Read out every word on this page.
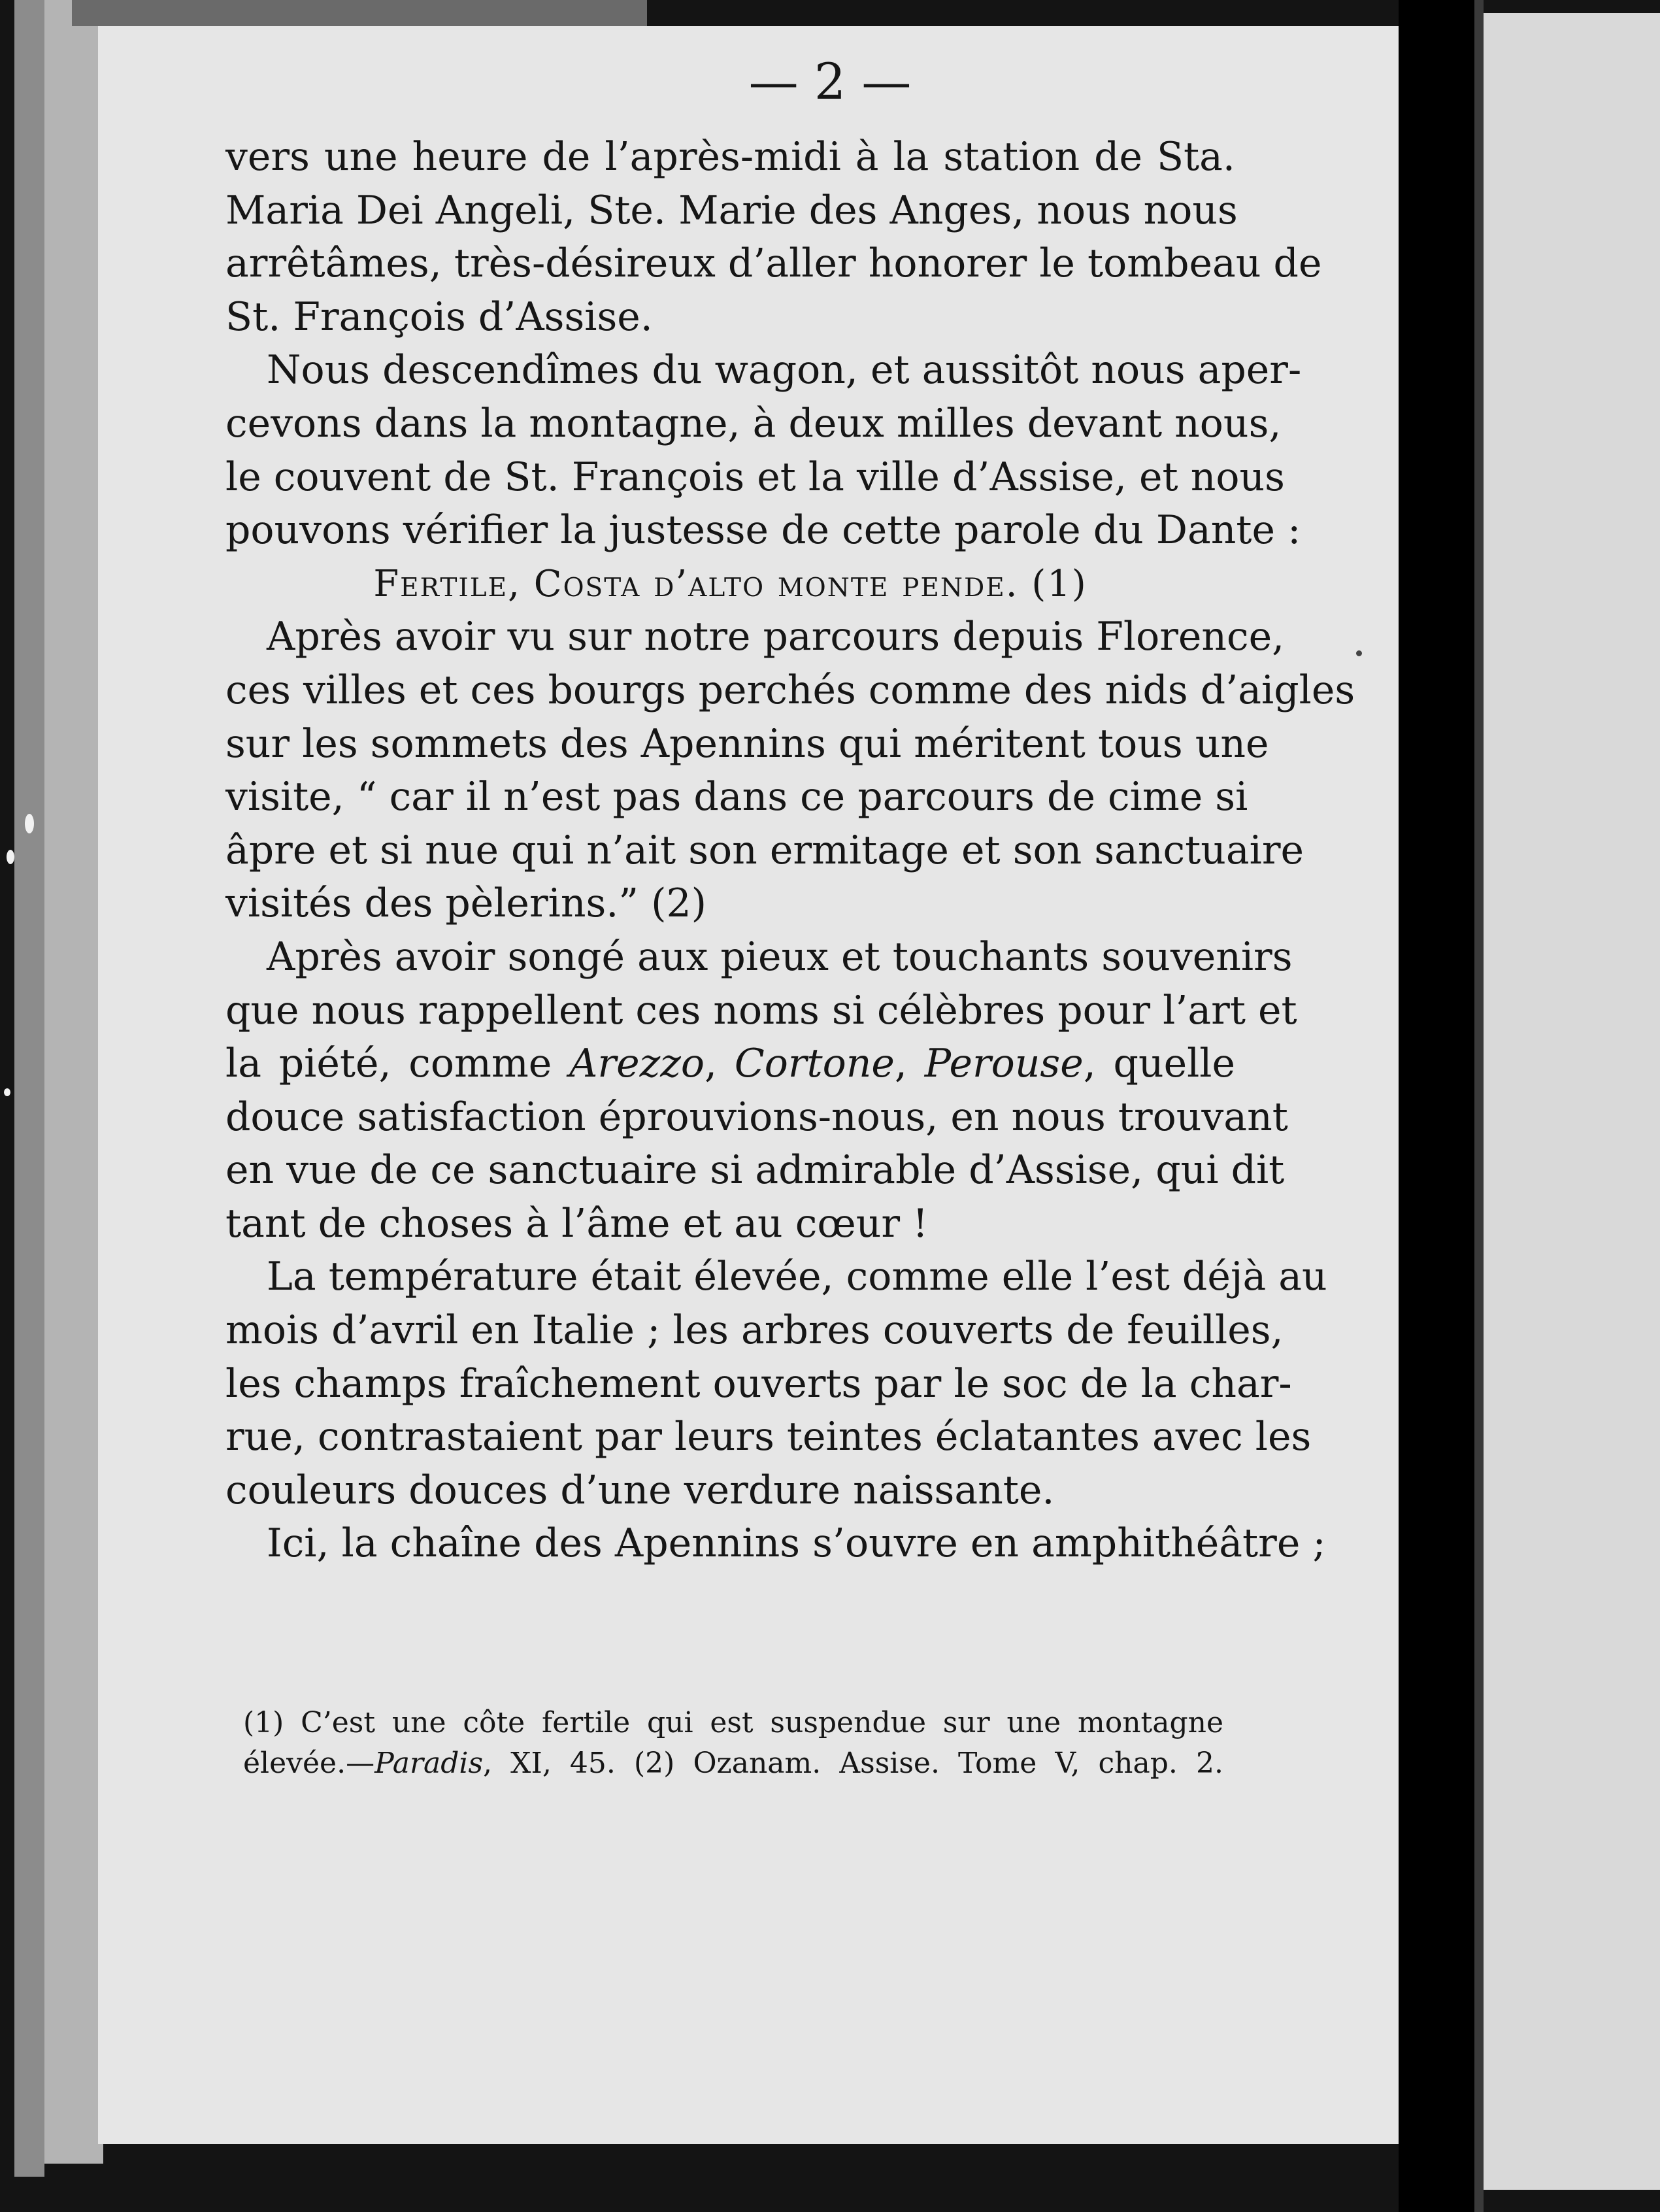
— 2 —
vers une heure de l’après-midi à la station de Sta.
Maria Dei Angeli, Ste. Marie des Anges, nous nous
arrêtâmes, très-désireux d’aller honorer le tombeau de
St. François d’Assise.
Nous descendîmes du wagon, et aussitôt nous aper-
cevons dans la montagne, à deux milles devant nous,
le couvent de St. François et la ville d’Assise, et nous
pouvons vérifier la justesse de cette parole du Dante :
Fertile, Costa d’alto monte pende. (1)
Après avoir vu sur notre parcours depuis Florence,
ces villes et ces bourgs perchés comme des nids d’aigles
sur les sommets des Apennins qui méritent tous une
visite, “ car il n’est pas dans ce parcours de cime si
âpre et si nue qui n’ait son ermitage et son sanctuaire
visités des pèlerins.” (2)
Après avoir songé aux pieux et touchants souvenirs
que nous rappellent ces noms si célèbres pour l’art et
la piété, comme Arezzo, Cortone, Perouse, quelle
douce satisfaction éprouvions-nous, en nous trouvant
en vue de ce sanctuaire si admirable d’Assise, qui dit
tant de choses à l’âme et au cœur !
La température était élevée, comme elle l’est déjà au
mois d’avril en Italie ; les arbres couverts de feuilles,
les champs fraîchement ouverts par le soc de la char-
rue, contrastaient par leurs teintes éclatantes avec les
couleurs douces d’une verdure naissante.
Ici, la chaîne des Apennins s’ouvre en amphithéâtre ;
(1) C’est une côte fertile qui est suspendue sur une montagne
élevée.—Paradis, XI, 45. (2) Ozanam. Assise. Tome V, chap. 2.
